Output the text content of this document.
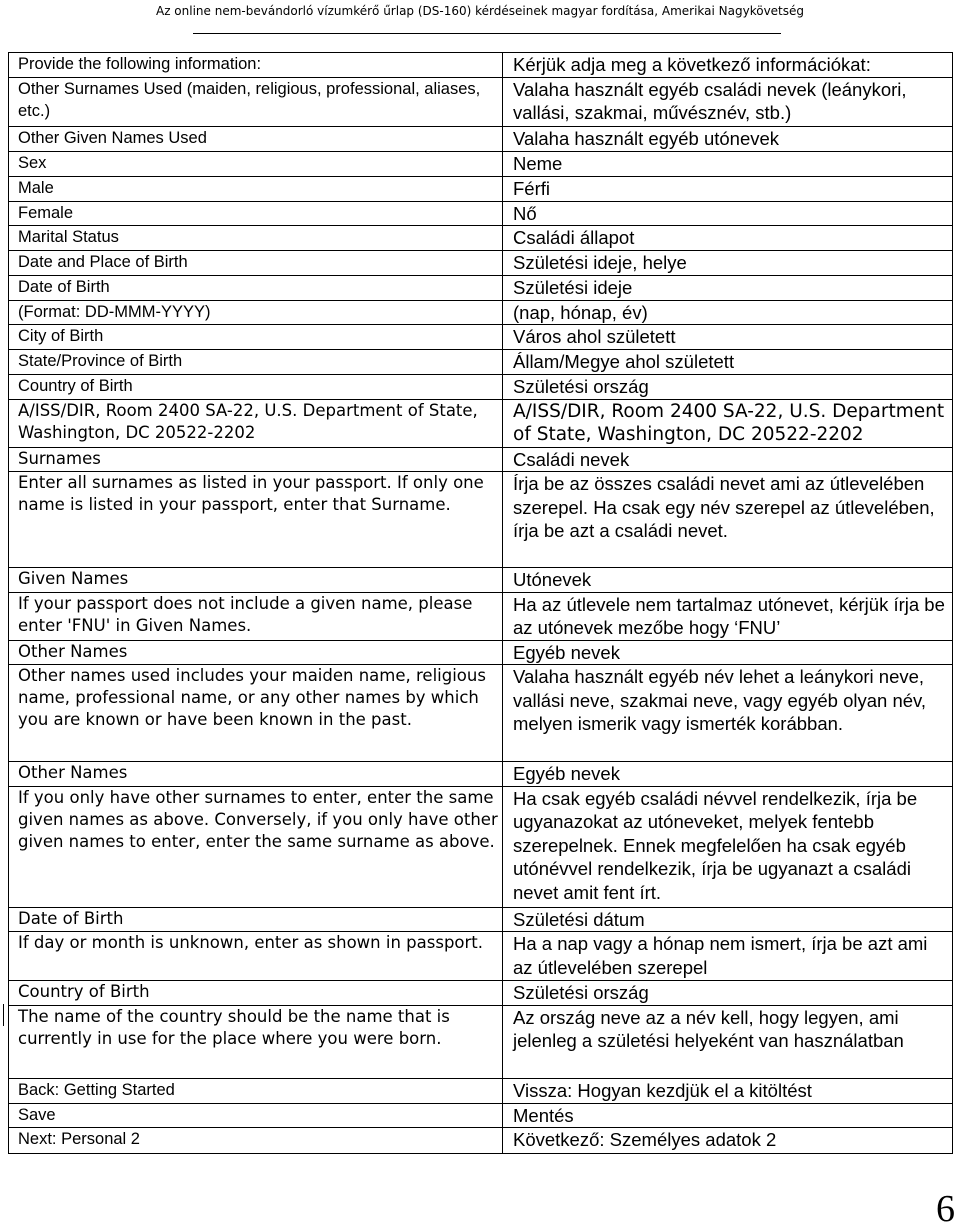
Az online nem-bevándorló vízumkérő űrlap (DS-160) kérdéseinek magyar fordítása, Amerikai Nagykövetség
Provide the following information:	Kérjük adja meg a következő információkat:
Other Surnames Used (maiden, religious, professional, aliases, etc.)	Valaha használt egyéb családi nevek (leánykori, vallási, szakmai, művésznév, stb.)
Other Given Names Used	Valaha használt egyéb utónevek
Sex	Neme
Male	Férfi
Female	Nő
Marital Status	Családi állapot
Date and Place of Birth	Születési ideje, helye
Date of Birth	Születési ideje
(Format: DD-MMM-YYYY)	(nap, hónap, év)
City of Birth	Város ahol született
State/Province of Birth	Állam/Megye ahol született
Country of Birth	Születési ország
A/ISS/DIR, Room 2400 SA-22, U.S. Department of State, Washington, DC 20522-2202	A/ISS/DIR, Room 2400 SA-22, U.S. Department of State, Washington, DC 20522-2202
Surnames	Családi nevek
Enter all surnames as listed in your passport. If only one name is listed in your passport, enter that Surname.	Írja be az összes családi nevet ami az útlevelében szerepel. Ha csak egy név szerepel az útlevelében, írja be azt a családi nevet.
Given Names	Utónevek
If your passport does not include a given name, please enter 'FNU' in Given Names.	Ha az útlevele nem tartalmaz utónevet, kérjük írja be az utónevek mezőbe hogy ‘FNU’
Other Names	Egyéb nevek
Other names used includes your maiden name, religious name, professional name, or any other names by which you are known or have been known in the past.	Valaha használt egyéb név lehet a leánykori neve, vallási neve, szakmai neve, vagy egyéb olyan név, melyen ismerik vagy ismerték korábban.
Other Names	Egyéb nevek
If you only have other surnames to enter, enter the same given names as above. Conversely, if you only have other given names to enter, enter the same surname as above.	Ha csak egyéb családi névvel rendelkezik, írja be ugyanazokat az utóneveket, melyek fentebb szerepelnek. Ennek megfelelően ha csak egyéb utónévvel rendelkezik, írja be ugyanazt a családi nevet amit fent írt.
Date of Birth	Születési dátum
If day or month is unknown, enter as shown in passport.	Ha a nap vagy a hónap nem ismert, írja be azt ami az útlevelében szerepel
Country of Birth	Születési ország
The name of the country should be the name that is currently in use for the place where you were born.	Az ország neve az a név kell, hogy legyen, ami jelenleg a születési helyeként van használatban
Back: Getting Started	Vissza: Hogyan kezdjük el a kitöltést
Save	Mentés
Next: Personal 2	Következő: Személyes adatok 2
6
